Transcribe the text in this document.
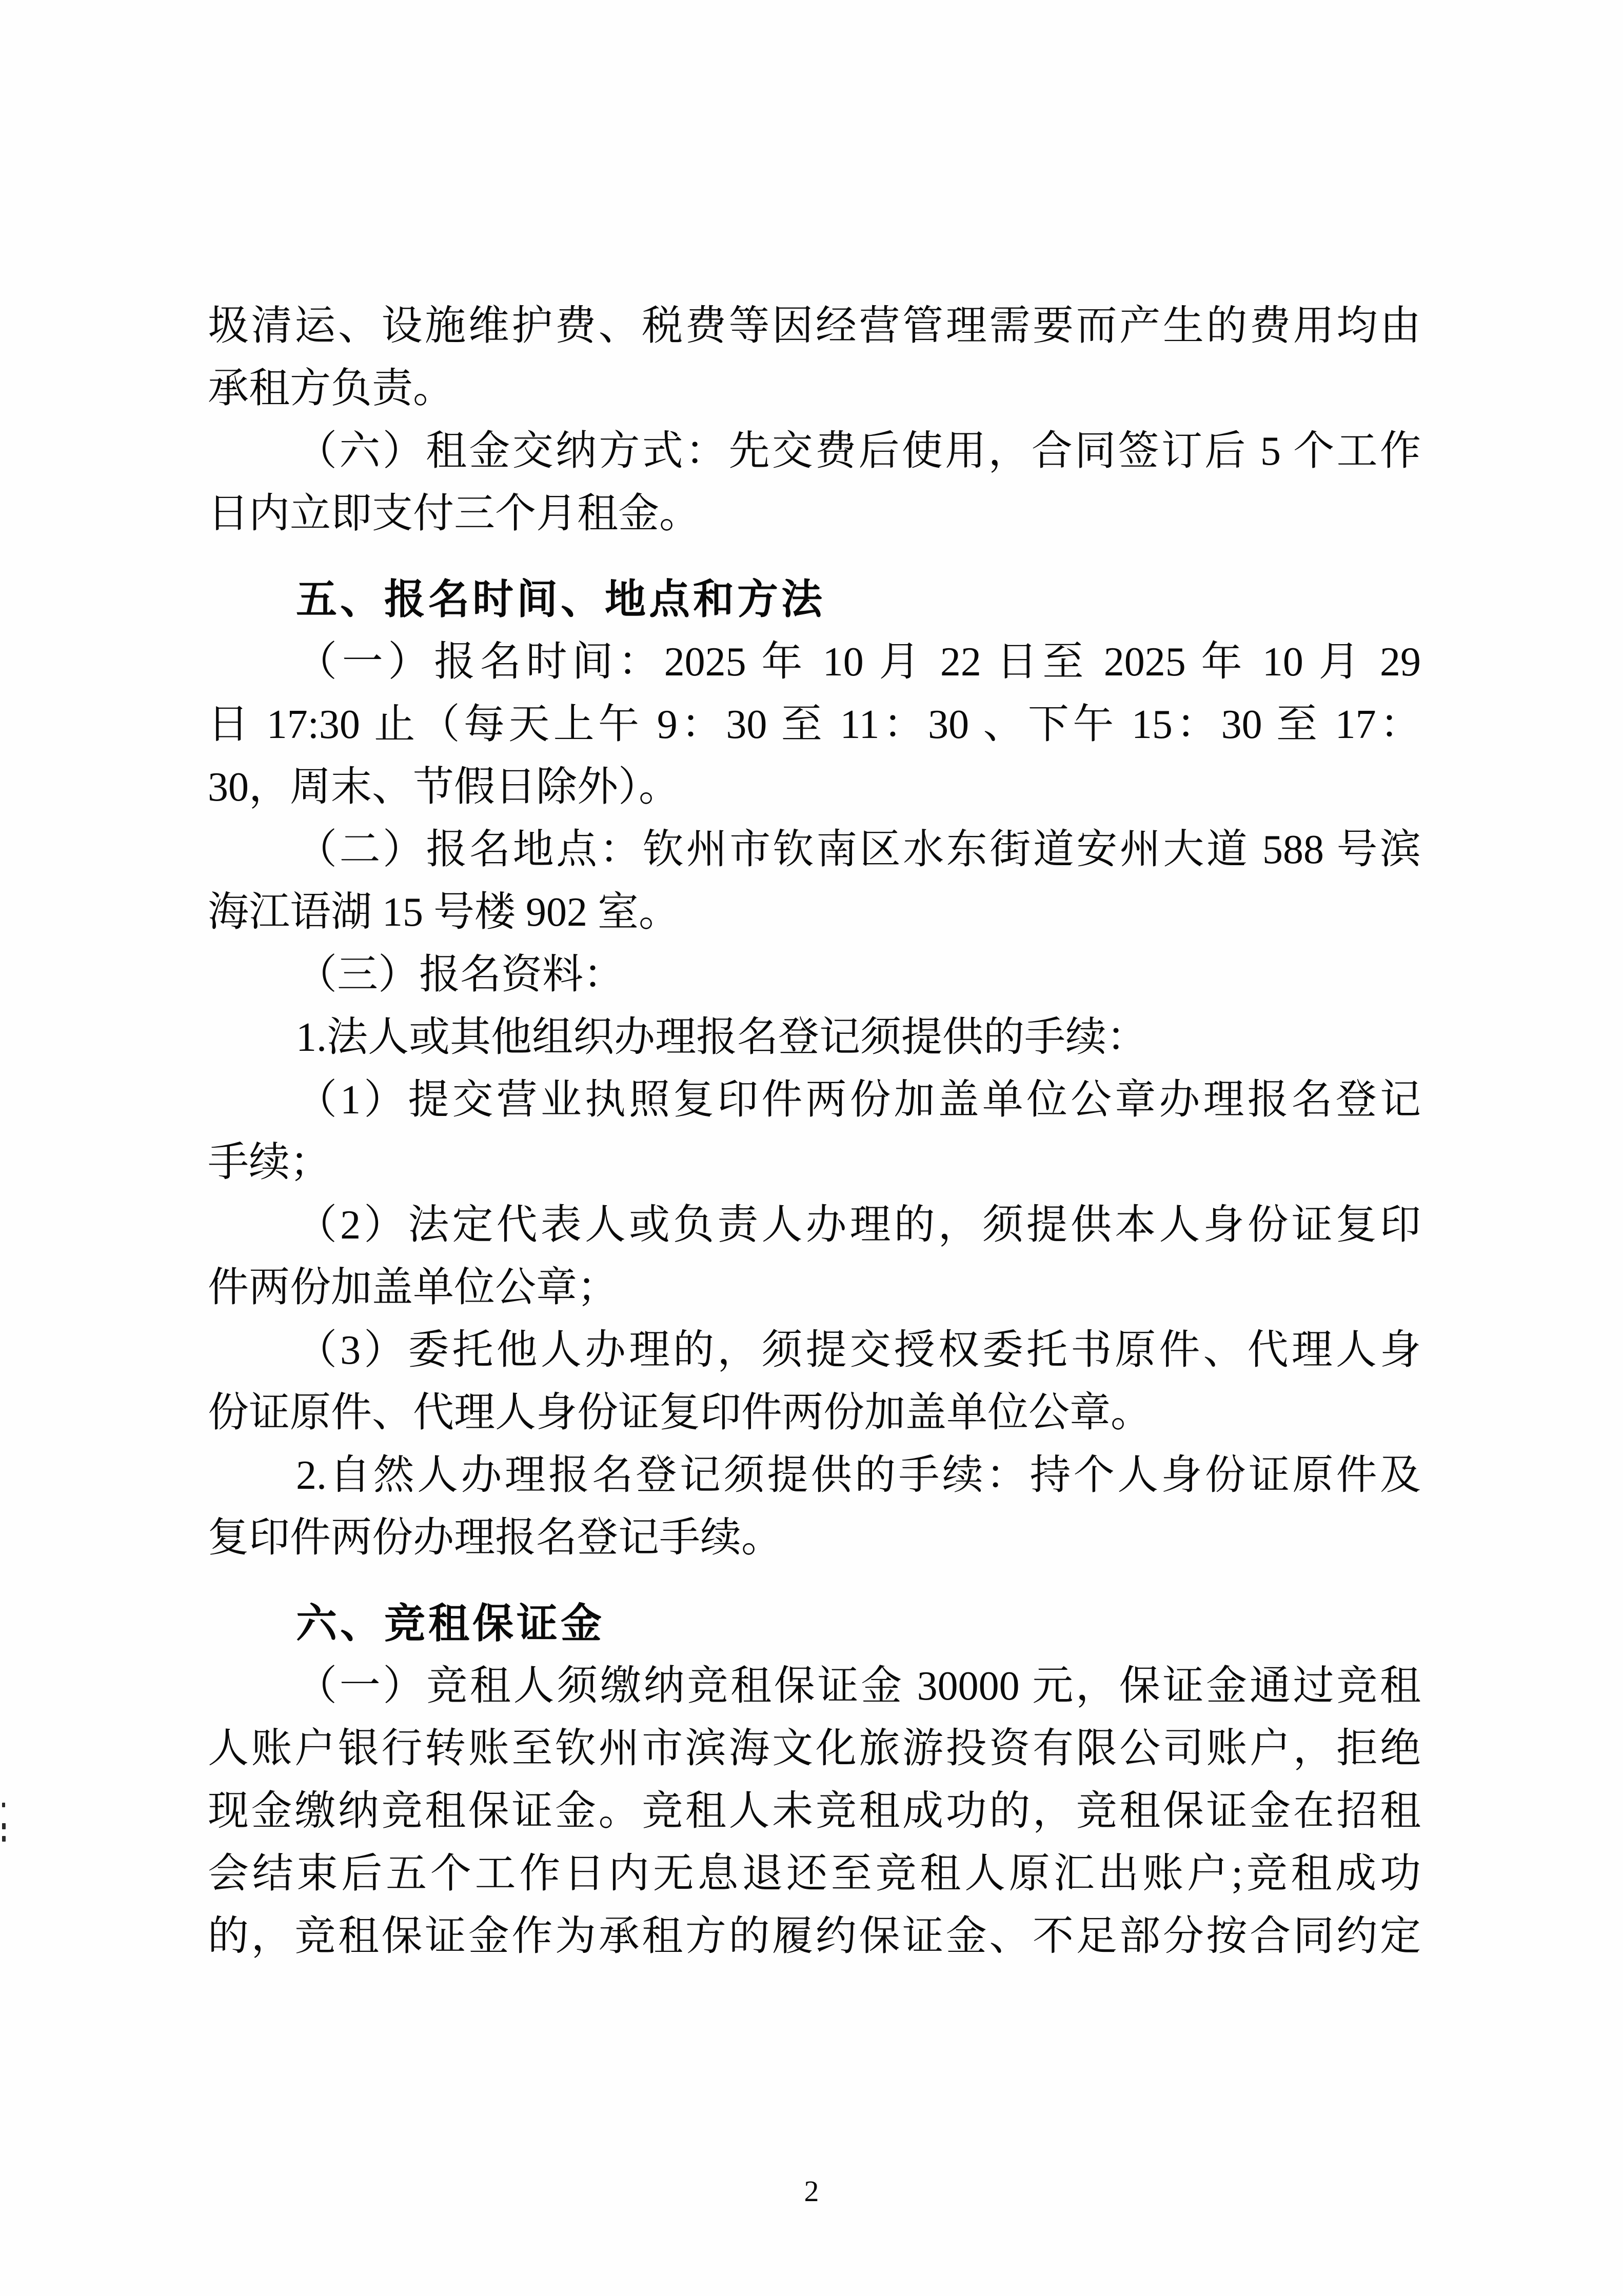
圾清运、设施维护费、税费等因经营管理需要而产生的费用均由
承租方负责。
（六）租金交纳方式：先交费后使用，合同签订后 5 个工作
日内立即支付三个月租金。
五、报名时间、地点和方法
（一）报名时间：2025 年 10 月 22 日至 2025 年 10 月 29
日 17:30 止（每天上午 9：30 至 11：30 、下午 15：30 至 17：
30，周末、节假日除外）。
（二）报名地点：钦州市钦南区水东街道安州大道 588 号滨
海江语湖 15 号楼 902 室。
（三）报名资料：
1.法人或其他组织办理报名登记须提供的手续：
（1）提交营业执照复印件两份加盖单位公章办理报名登记
手续；
（2）法定代表人或负责人办理的，须提供本人身份证复印
件两份加盖单位公章；
（3）委托他人办理的，须提交授权委托书原件、代理人身
份证原件、代理人身份证复印件两份加盖单位公章。
2.自然人办理报名登记须提供的手续：持个人身份证原件及
复印件两份办理报名登记手续。
六、竞租保证金
（一）竞租人须缴纳竞租保证金 30000 元，保证金通过竞租
人账户银行转账至钦州市滨海文化旅游投资有限公司账户，拒绝
现金缴纳竞租保证金。竞租人未竞租成功的，竞租保证金在招租
会结束后五个工作日内无息退还至竞租人原汇出账户;竞租成功
的，竞租保证金作为承租方的履约保证金、不足部分按合同约定
2
